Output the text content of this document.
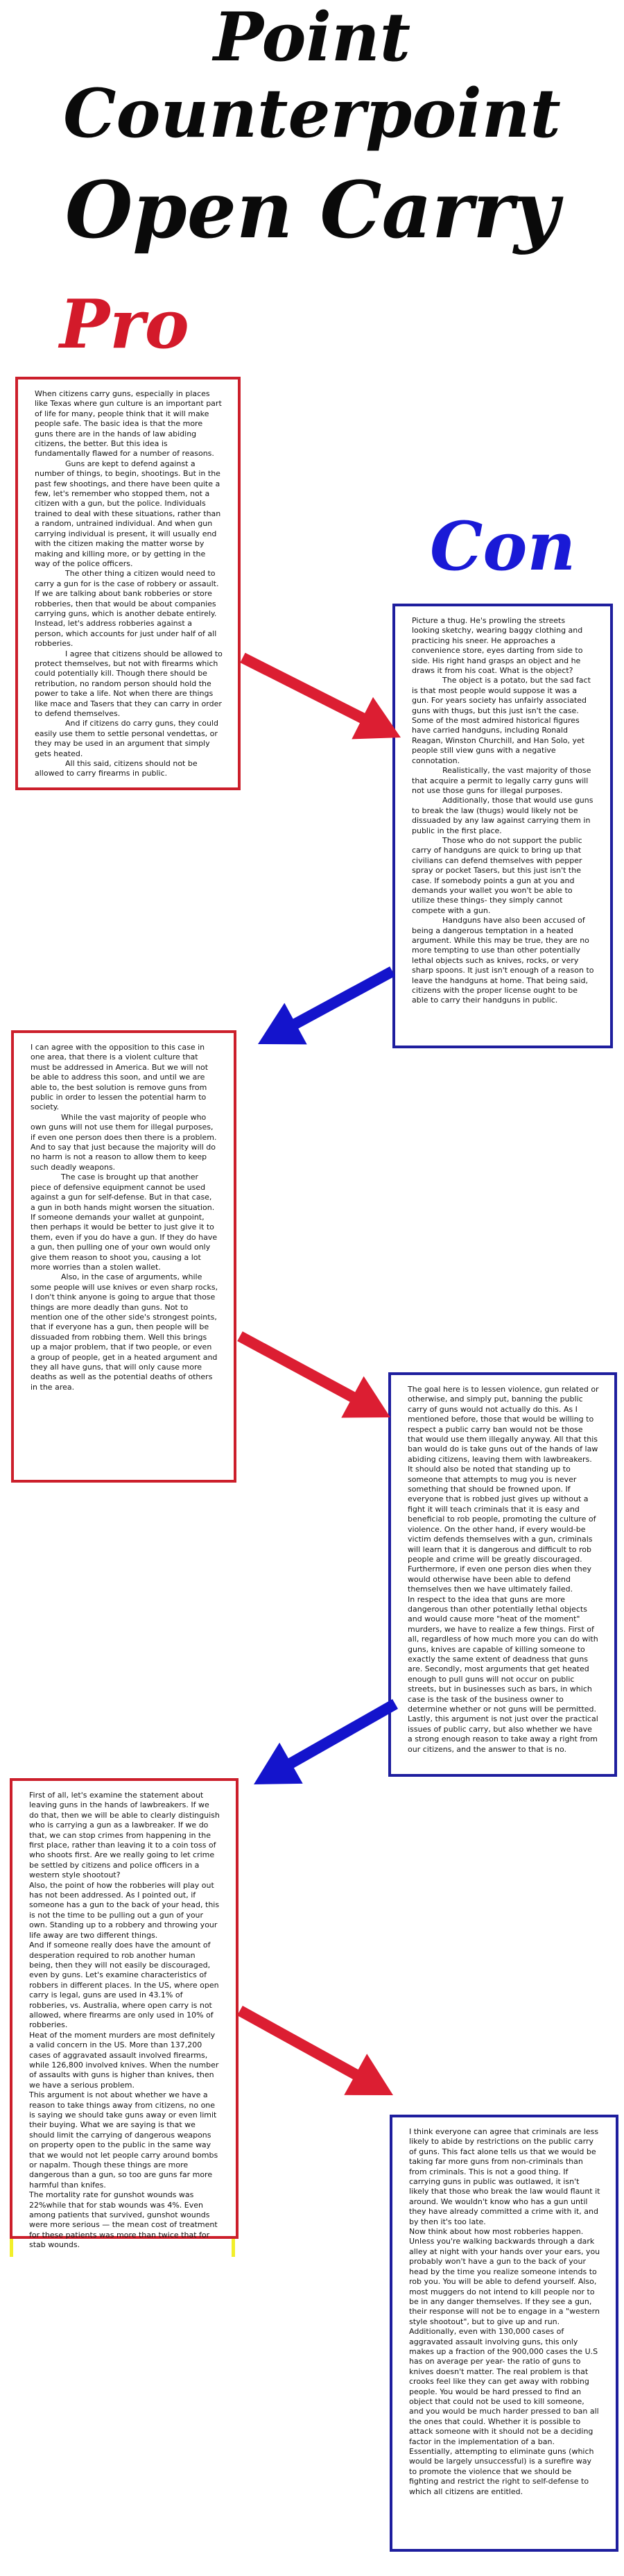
Point
Counterpoint
Open Carry
Pro
Con

When citizens carry guns, especially in places like Texas where gun culture is an important part of life for many, people think that it will make people safe. The basic idea is that the more guns there are in the hands of law abiding citizens, the better. But this idea is fundamentally flawed for a number of reasons.

Guns are kept to defend against a number of things, to begin, shootings. But in the past few shootings, and there have been quite a few, let's remember who stopped them, not a citizen with a gun, but the police. Individuals trained to deal with these situations, rather than a random, untrained individual. And when gun carrying individual is present, it will usually end with the citizen making the matter worse by making and killing more, or by getting in the way of the police officers.

The other thing a citizen would need to carry a gun for is the case of robbery or assault. If we are talking about bank robberies or store robberies, then that would be about companies carrying guns, which is another debate entirely. Instead, let's address robberies against a person, which accounts for just under half of all robberies.

I agree that citizens should be allowed to protect themselves, but not with firearms which could potentially kill. Though there should be retribution, no random person should hold the power to take a life. Not when there are things like mace and Tasers that they can carry in order to defend themselves.

And if citizens do carry guns, they could easily use them to settle personal vendettas, or they may be used in an argument that simply gets heated.

All this said, citizens should not be allowed to carry firearms in public.

Picture a thug. He's prowling the streets looking sketchy, wearing baggy clothing and practicing his sneer. He approaches a convenience store, eyes darting from side to side. His right hand grasps an object and he draws it from his coat. What is the object?

The object is a potato, but the sad fact is that most people would suppose it was a gun. For years society has unfairly associated guns with thugs, but this just isn't the case. Some of the most admired historical figures have carried handguns, including Ronald Reagan, Winston Churchill, and Han Solo, yet people still view guns with a negative connotation.

Realistically, the vast majority of those that acquire a permit to legally carry guns will not use those guns for illegal purposes.

Additionally, those that would use guns to break the law (thugs) would likely not be dissuaded by any law against carrying them in public in the first place.

Those who do not support the public carry of handguns are quick to bring up that civilians can defend themselves with pepper spray or pocket Tasers, but this just isn't the case. If somebody points a gun at you and demands your wallet you won't be able to utilize these things- they simply cannot compete with a gun.

Handguns have also been accused of being a dangerous temptation in a heated argument. While this may be true, they are no more tempting to use than other potentially lethal objects such as knives, rocks, or very sharp spoons. It just isn't enough of a reason to leave the handguns at home. That being said, citizens with the proper license ought to be able to carry their handguns in public.

I can agree with the opposition to this case in one area, that there is a violent culture that must be addressed in America. But we will not be able to address this soon, and until we are able to, the best solution is remove guns from public in order to lessen the potential harm to society.

While the vast majority of people who own guns will not use them for illegal purposes, if even one person does then there is a problem. And to say that just because the majority will do no harm is not a reason to allow them to keep such deadly weapons.

The case is brought up that another piece of defensive equipment cannot be used against a gun for self-defense. But in that case, a gun in both hands might worsen the situation. If someone demands your wallet at gunpoint, then perhaps it would be better to just give it to them, even if you do have a gun. If they do have a gun, then pulling one of your own would only give them reason to shoot you, causing a lot more worries than a stolen wallet.

Also, in the case of arguments, while some people will use knives or even sharp rocks, I don't think anyone is going to argue that those things are more deadly than guns. Not to mention one of the other side's strongest points, that if everyone has a gun, then people will be dissuaded from robbing them. Well this brings up a major problem, that if two people, or even a group of people, get in a heated argument and they all have guns, that will only cause more deaths as well as the potential deaths of others in the area.	The goal here is to lessen violence, gun related or otherwise, and simply put, banning the public carry of guns would not actually do this. As I mentioned before, those that would be willing to respect a public carry ban would not be those that would use them illegally anyway. All that this ban would do is take guns out of the hands of law abiding citizens, leaving them with lawbreakers.

It should also be noted that standing up to someone that attempts to mug you is never something that should be frowned upon. If everyone that is robbed just gives up without a fight it will teach criminals that it is easy and beneficial to rob people, promoting the culture of violence. On the other hand, if every would-be victim defends themselves with a gun, criminals will learn that it is dangerous and difficult to rob people and crime will be greatly discouraged.

Furthermore, if even one person dies when they would otherwise have been able to defend themselves then we have ultimately failed.

In respect to the idea that guns are more dangerous than other potentially lethal objects and would cause more "heat of the moment" murders, we have to realize a few things. First of all, regardless of how much more you can do with guns, knives are capable of killing someone to exactly the same extent of deadness that guns are. Secondly, most arguments that get heated enough to pull guns will not occur on public streets, but in businesses such as bars, in which case is the task of the business owner to determine whether or not guns will be permitted. Lastly, this argument is not just over the practical issues of public carry, but also whether we have a strong enough reason to take away a right from our citizens, and the answer to that is no.

First of all, let's examine the statement about leaving guns in the hands of lawbreakers. If we do that, then we will be able to clearly distinguish who is carrying a gun as a lawbreaker. If we do that, we can stop crimes from happening in the first place, rather than leaving it to a coin toss of who shoots first. Are we really going to let crime be settled by citizens and police officers in a western style shootout?

Also, the point of how the robberies will play out has not been addressed. As I pointed out, if someone has a gun to the back of your head, this is not the time to be pulling out a gun of your own. Standing up to a robbery and throwing your life away are two different things.

And if someone really does have the amount of desperation required to rob another human being, then they will not easily be discouraged, even by guns. Let's examine characteristics of robbers in different places. In the US, where open carry is legal, guns are used in 43.1% of robberies, vs. Australia, where open carry is not allowed, where firearms are only used in 10% of robberies.

Heat of the moment murders are most definitely a valid concern in the US. More than 137,200 cases of aggravated assault involved firearms, while 126,800 involved knives. When the number of assaults with guns is higher than knives, then we have a serious problem.

This argument is not about whether we have a reason to take things away from citizens, no one is saying we should take guns away or even limit their buying. What we are saying is that we should limit the carrying of dangerous weapons on property open to the public in the same way that we would not let people carry around bombs or napalm. Though these things are more dangerous than a gun, so too are guns far more harmful than knifes.

The mortality rate for gunshot wounds was 22%while that for stab wounds was 4%. Even among patients that survived, gunshot wounds were more serious — the mean cost of treatment for these patients was more than twice that for stab wounds.

I think everyone can agree that criminals are less likely to abide by restrictions on the public carry of guns. This fact alone tells us that we would be taking far more guns from non-criminals than from criminals. This is not a good thing. If carrying guns in public was outlawed, it isn't likely that those who break the law would flaunt it around. We wouldn't know who has a gun until they have already committed a crime with it, and by then it's too late.

Now think about how most robberies happen. Unless you're walking backwards through a dark alley at night with your hands over your ears, you probably won't have a gun to the back of your head by the time you realize someone intends to rob you. You will be able to defend yourself. Also, most muggers do not intend to kill people nor to be in any danger themselves. If they see a gun, their response will not be to engage in a "western style shootout", but to give up and run.

Additionally, even with 130,000 cases of aggravated assault involving guns, this only makes up a fraction of the 900,000 cases the U.S has on average per year- the ratio of guns to knives doesn't matter. The real problem is that crooks feel like they can get away with robbing people. You would be hard pressed to find an object that could not be used to kill someone, and you would be much harder pressed to ban all the ones that could. Whether it is possible to attack someone with it should not be a deciding factor in the implementation of a ban.

Essentially, attempting to eliminate guns (which would be largely unsuccessful) is a surefire way to promote the violence that we should be fighting and restrict the right to self-defense to which all citizens are entitled.
